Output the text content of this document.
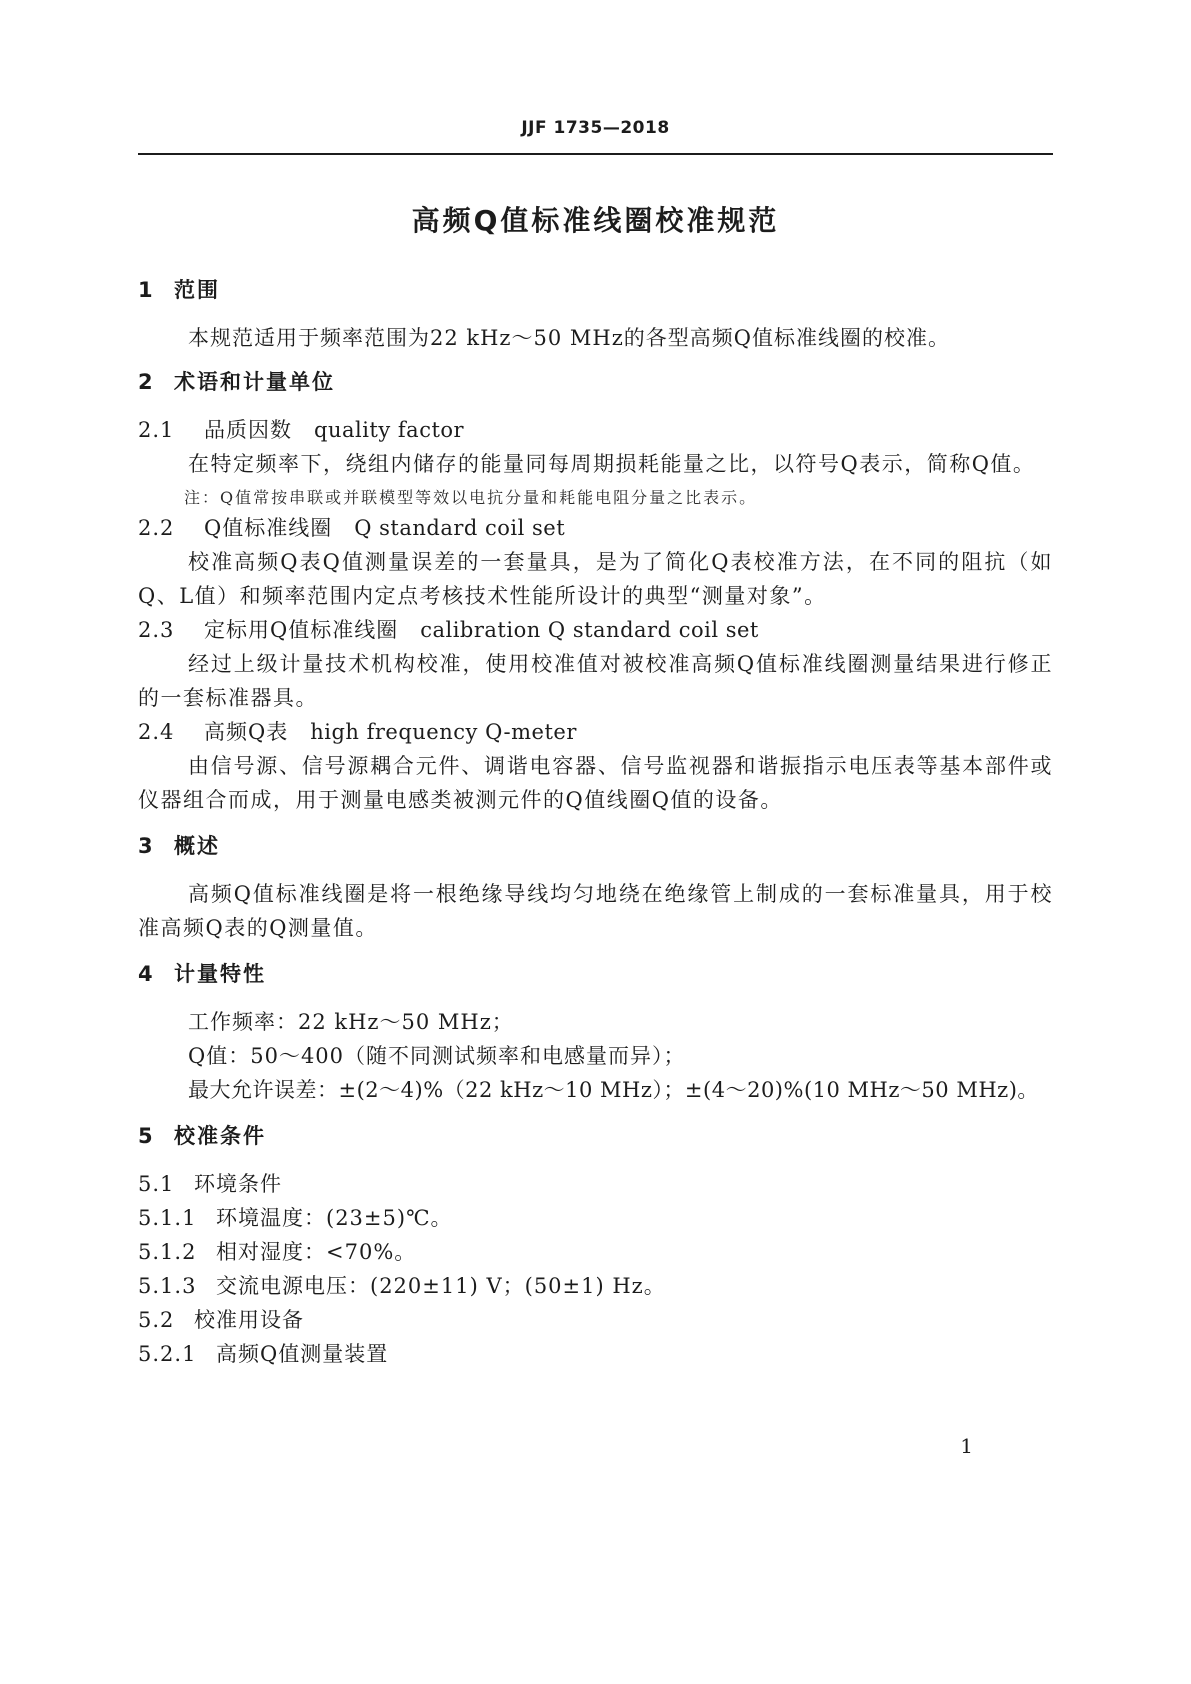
JJF 1735—2018
高频Q值标准线圈校准规范
1 范围
本规范适用于频率范围为22 kHz～50 MHz的各型高频Q值标准线圈的校准。
2 术语和计量单位
2.1 品质因数 quality factor
在特定频率下，绕组内储存的能量同每周期损耗能量之比，以符号Q表示，简称Q值。
注：Q值常按串联或并联模型等效以电抗分量和耗能电阻分量之比表示。
2.2 Q值标准线圈 Q standard coil set
校准高频Q表Q值测量误差的一套量具，是为了简化Q表校准方法，在不同的阻抗（如Q、L值）和频率范围内定点考核技术性能所设计的典型“测量对象”。
2.3 定标用Q值标准线圈 calibration Q standard coil set
经过上级计量技术机构校准，使用校准值对被校准高频Q值标准线圈测量结果进行修正的一套标准器具。
2.4 高频Q表 high frequency Q-meter
由信号源、信号源耦合元件、调谐电容器、信号监视器和谐振指示电压表等基本部件或仪器组合而成，用于测量电感类被测元件的Q值线圈Q值的设备。
3 概述
高频Q值标准线圈是将一根绝缘导线均匀地绕在绝缘管上制成的一套标准量具，用于校准高频Q表的Q测量值。
4 计量特性
工作频率：22 kHz～50 MHz；
Q值：50～400（随不同测试频率和电感量而异）；
最大允许误差：±(2～4)%（22 kHz～10 MHz）；±(4～20)%(10 MHz～50 MHz)。
5 校准条件
5.1 环境条件
5.1.1 环境温度：(23±5)℃。
5.1.2 相对湿度：<70%。
5.1.3 交流电源电压：(220±11) V；(50±1) Hz。
5.2 校准用设备
5.2.1 高频Q值测量装置
1
